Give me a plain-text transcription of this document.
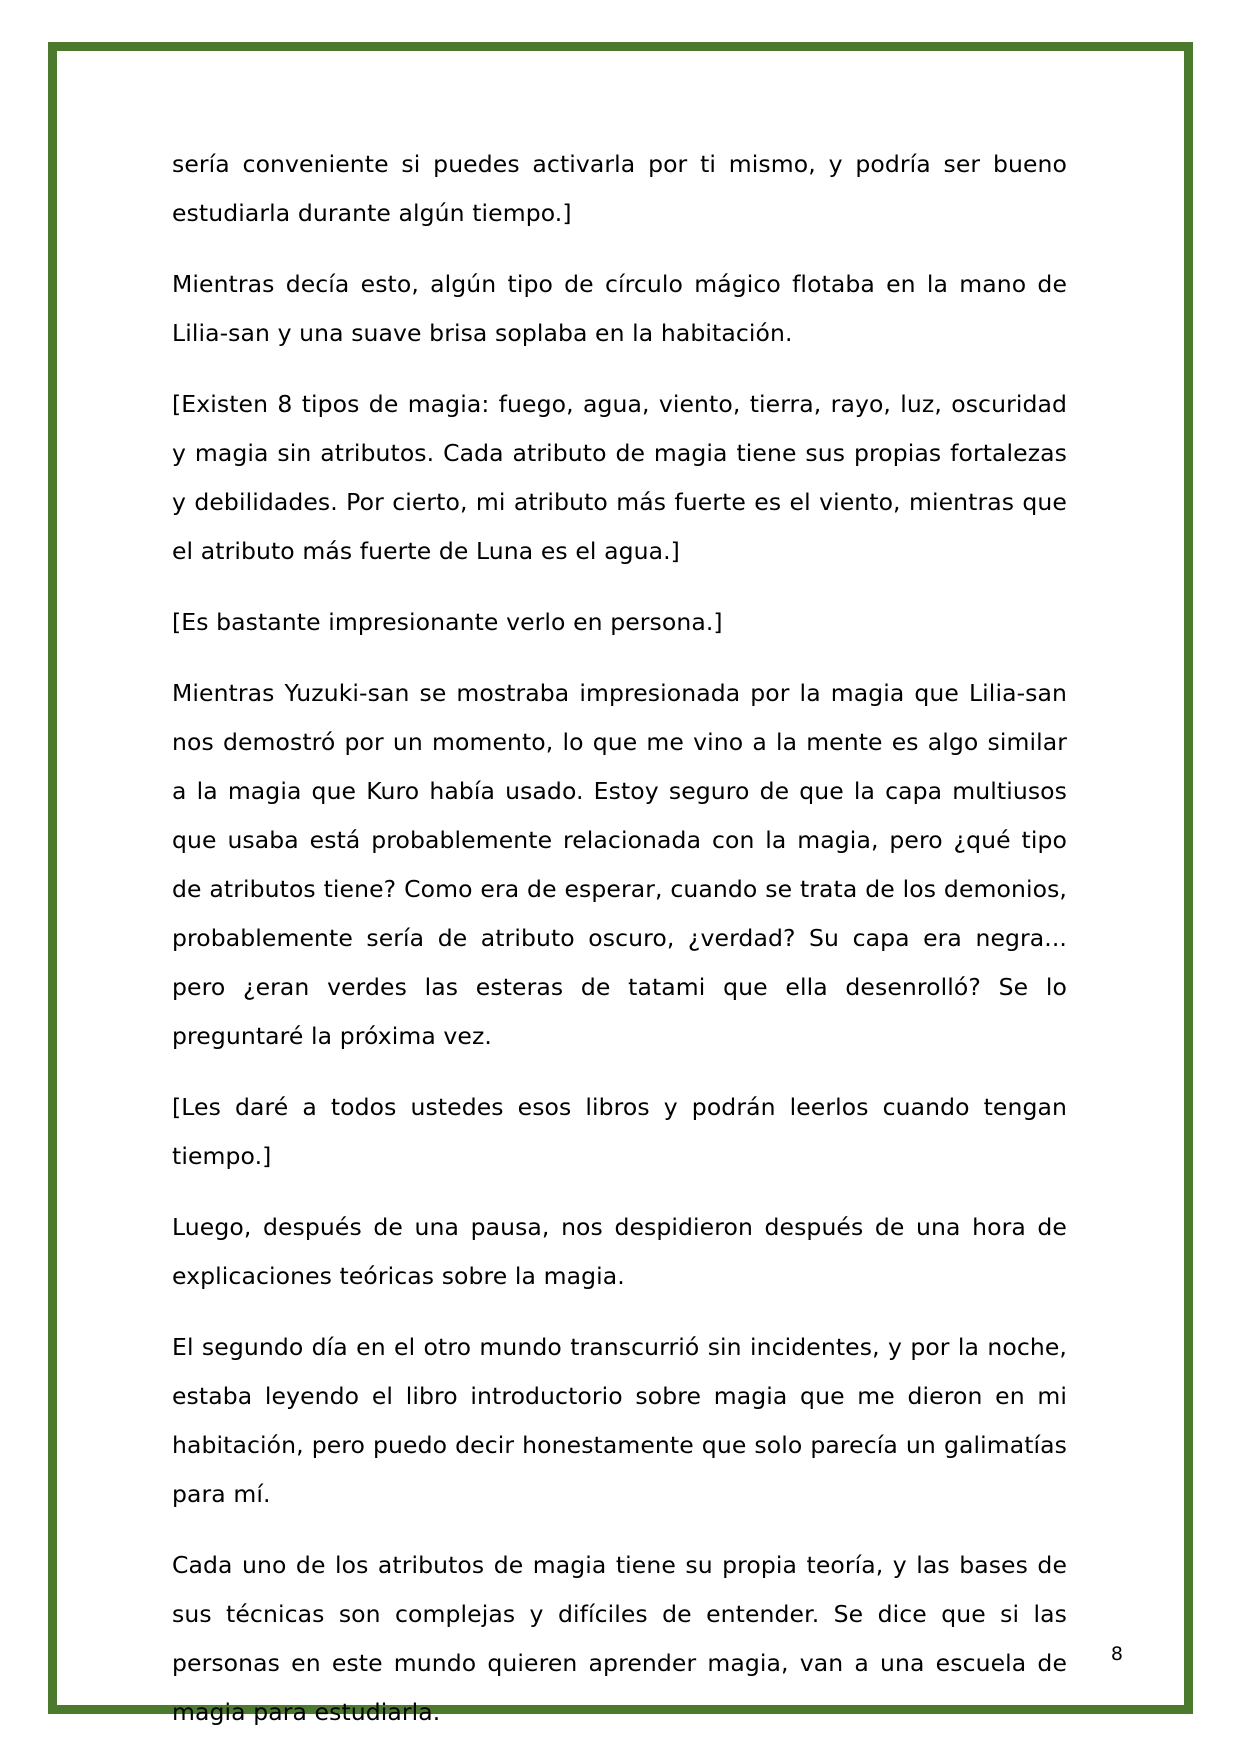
sería conveniente si puedes activarla por ti mismo, y podría ser bueno estudiarla durante algún tiempo.]

Mientras decía esto, algún tipo de círculo mágico flotaba en la mano de Lilia-san y una suave brisa soplaba en la habitación.

[Existen 8 tipos de magia: fuego, agua, viento, tierra, rayo, luz, oscuridad y magia sin atributos. Cada atributo de magia tiene sus propias fortalezas y debilidades. Por cierto, mi atributo más fuerte es el viento, mientras que el atributo más fuerte de Luna es el agua.]

[Es bastante impresionante verlo en persona.]

Mientras Yuzuki-san se mostraba impresionada por la magia que Lilia-san nos demostró por un momento, lo que me vino a la mente es algo similar a la magia que Kuro había usado. Estoy seguro de que la capa multiusos que usaba está probablemente relacionada con la magia, pero ¿qué tipo de atributos tiene? Como era de esperar, cuando se trata de los demonios, probablemente sería de atributo oscuro, ¿verdad? Su capa era negra... pero ¿eran verdes las esteras de tatami que ella desenrolló? Se lo preguntaré la próxima vez.

[Les daré a todos ustedes esos libros y podrán leerlos cuando tengan tiempo.]

Luego, después de una pausa, nos despidieron después de una hora de explicaciones teóricas sobre la magia.

El segundo día en el otro mundo transcurrió sin incidentes, y por la noche, estaba leyendo el libro introductorio sobre magia que me dieron en mi habitación, pero puedo decir honestamente que solo parecía un galimatías para mí.

Cada uno de los atributos de magia tiene su propia teoría, y las bases de sus técnicas son complejas y difíciles de entender. Se dice que si las personas en este mundo quieren aprender magia, van a una escuela de magia para estudiarla.

8
